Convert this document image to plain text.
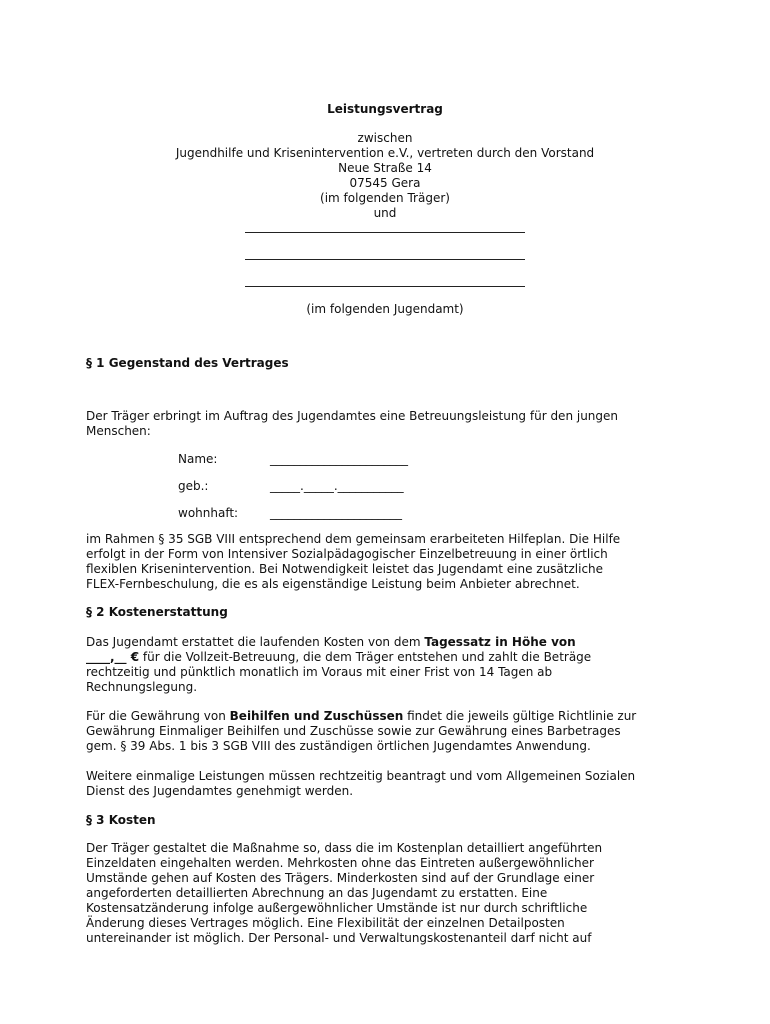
Leistungsvertrag
zwischen
Jugendhilfe und Krisenintervention e.V., vertreten durch den Vorstand
Neue Straße 14
07545 Gera
(im folgenden Träger)
und
(im folgenden Jugendamt)
§ 1 Gegenstand des Vertrages
Der Träger erbringt im Auftrag des Jugendamtes eine Betreuungsleistung für den jungen
Menschen:
Name:	_______________________
geb.:	_____._____.___________
wohnhaft:	______________________
im Rahmen § 35 SGB VIII entsprechend dem gemeinsam erarbeiteten Hilfeplan. Die Hilfe
erfolgt in der Form von Intensiver Sozialpädagogischer Einzelbetreuung in einer örtlich
flexiblen Krisenintervention. Bei Notwendigkeit leistet das Jugendamt eine zusätzliche
FLEX-Fernbeschulung, die es als eigenständige Leistung beim Anbieter abrechnet.
§ 2 Kostenerstattung
Das Jugendamt erstattet die laufenden Kosten von dem Tagessatz in Höhe von
____,__ € für die Vollzeit-Betreuung, die dem Träger entstehen und zahlt die Beträge
rechtzeitig und pünktlich monatlich im Voraus mit einer Frist von 14 Tagen ab
Rechnungslegung.
Für die Gewährung von Beihilfen und Zuschüssen findet die jeweils gültige Richtlinie zur
Gewährung Einmaliger Beihilfen und Zuschüsse sowie zur Gewährung eines Barbetrages
gem. § 39 Abs. 1 bis 3 SGB VIII des zuständigen örtlichen Jugendamtes Anwendung.
Weitere einmalige Leistungen müssen rechtzeitig beantragt und vom Allgemeinen Sozialen
Dienst des Jugendamtes genehmigt werden.
§ 3 Kosten
Der Träger gestaltet die Maßnahme so, dass die im Kostenplan detailliert angeführten
Einzeldaten eingehalten werden. Mehrkosten ohne das Eintreten außergewöhnlicher
Umstände gehen auf Kosten des Trägers. Minderkosten sind auf der Grundlage einer
angeforderten detaillierten Abrechnung an das Jugendamt zu erstatten. Eine
Kostensatzänderung infolge außergewöhnlicher Umstände ist nur durch schriftliche
Änderung dieses Vertrages möglich. Eine Flexibilität der einzelnen Detailposten
untereinander ist möglich. Der Personal- und Verwaltungskostenanteil darf nicht auf
